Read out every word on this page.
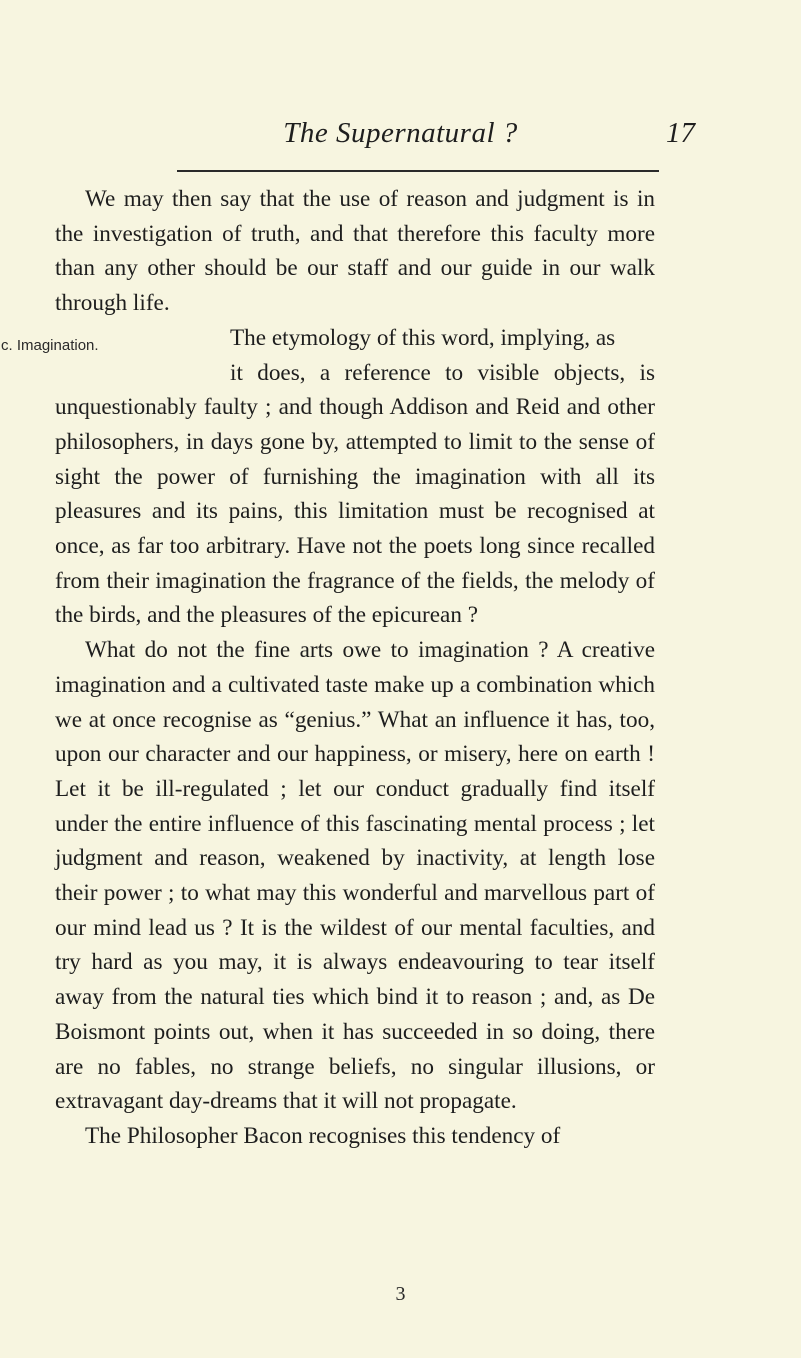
The Supernatural ?	17

We may then say that the use of reason and judgment is in the investigation of truth, and that therefore this faculty more than any other should be our staff and our guide in our walk through life.

c. Imagination.	The etymology of this word, implying, as

it does, a reference to visible objects, is

unquestionably faulty ; and though Addison and Reid and other philosophers, in days gone by, attempted to limit to the sense of sight the power of furnishing the imagination with all its pleasures and its pains, this limitation must be recognised at once, as far too arbitrary. Have not the poets long since recalled from their imagination the fragrance of the fields, the melody of the birds, and the pleasures of the epicurean ?

What do not the fine arts owe to imagination ? A creative imagination and a cultivated taste make up a combination which we at once recognise as “genius.” What an influence it has, too, upon our character and our happiness, or misery, here on earth ! Let it be ill-regulated ; let our conduct gradually find itself under the entire influence of this fascinating mental process ; let judgment and reason, weakened by inactivity, at length lose their power ; to what may this wonderful and marvellous part of our mind lead us ? It is the wildest of our mental faculties, and try hard as you may, it is always endeavouring to tear itself away from the natural ties which bind it to reason ; and, as De Boismont points out, when it has succeeded in so doing, there are no fables, no strange beliefs, no singular illusions, or extravagant day-dreams that it will not propagate.

The Philosopher Bacon recognises this tendency of

3
